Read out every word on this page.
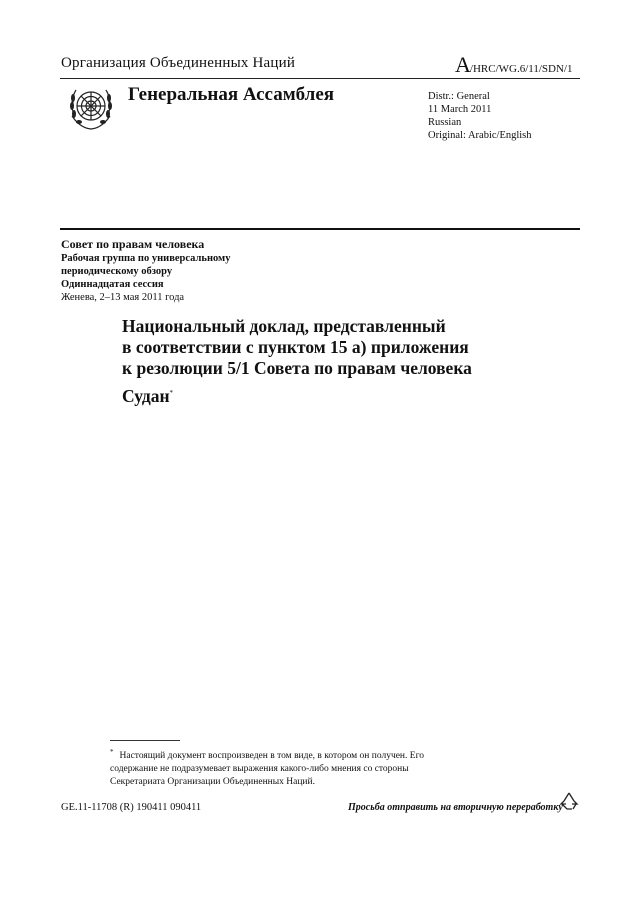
Организация Объединенных Наций	A/HRC/WG.6/11/SDN/1
Генеральная Ассамблея	Distr.: General
11 March 2011
Russian
Original: Arabic/English
Совет по правам человека
Рабочая группа по универсальному
периодическому обзору
Одиннадцатая сессия
Женева, 2–13 мая 2011 года
Национальный доклад, представленный
в соответствии с пунктом 15 а) приложения
к резолюции 5/1 Совета по правам человека
Судан*
* Настоящий документ воспроизведен в том виде, в котором он получен. Его
содержание не подразумевает выражения какого-либо мнения со стороны
Секретариата Организации Объединенных Наций.
GE.11-11708 (R) 190411 090411	Просьба отправить на вторичную переработку
